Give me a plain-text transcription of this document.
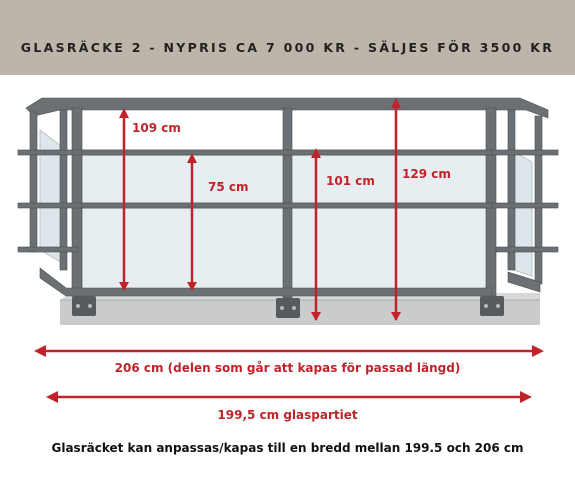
GLASRÄCKE 2 - NYPRIS CA 7 000 KR - SÄLJES FÖR 3500 KR
109 cm
75 cm	101 cm 129 cm
206 cm (delen som går att kapas för passad längd)
199,5 cm glaspartiet
Glasräcket kan anpassas/kapas till en bredd mellan 199.5 och 206 cm
